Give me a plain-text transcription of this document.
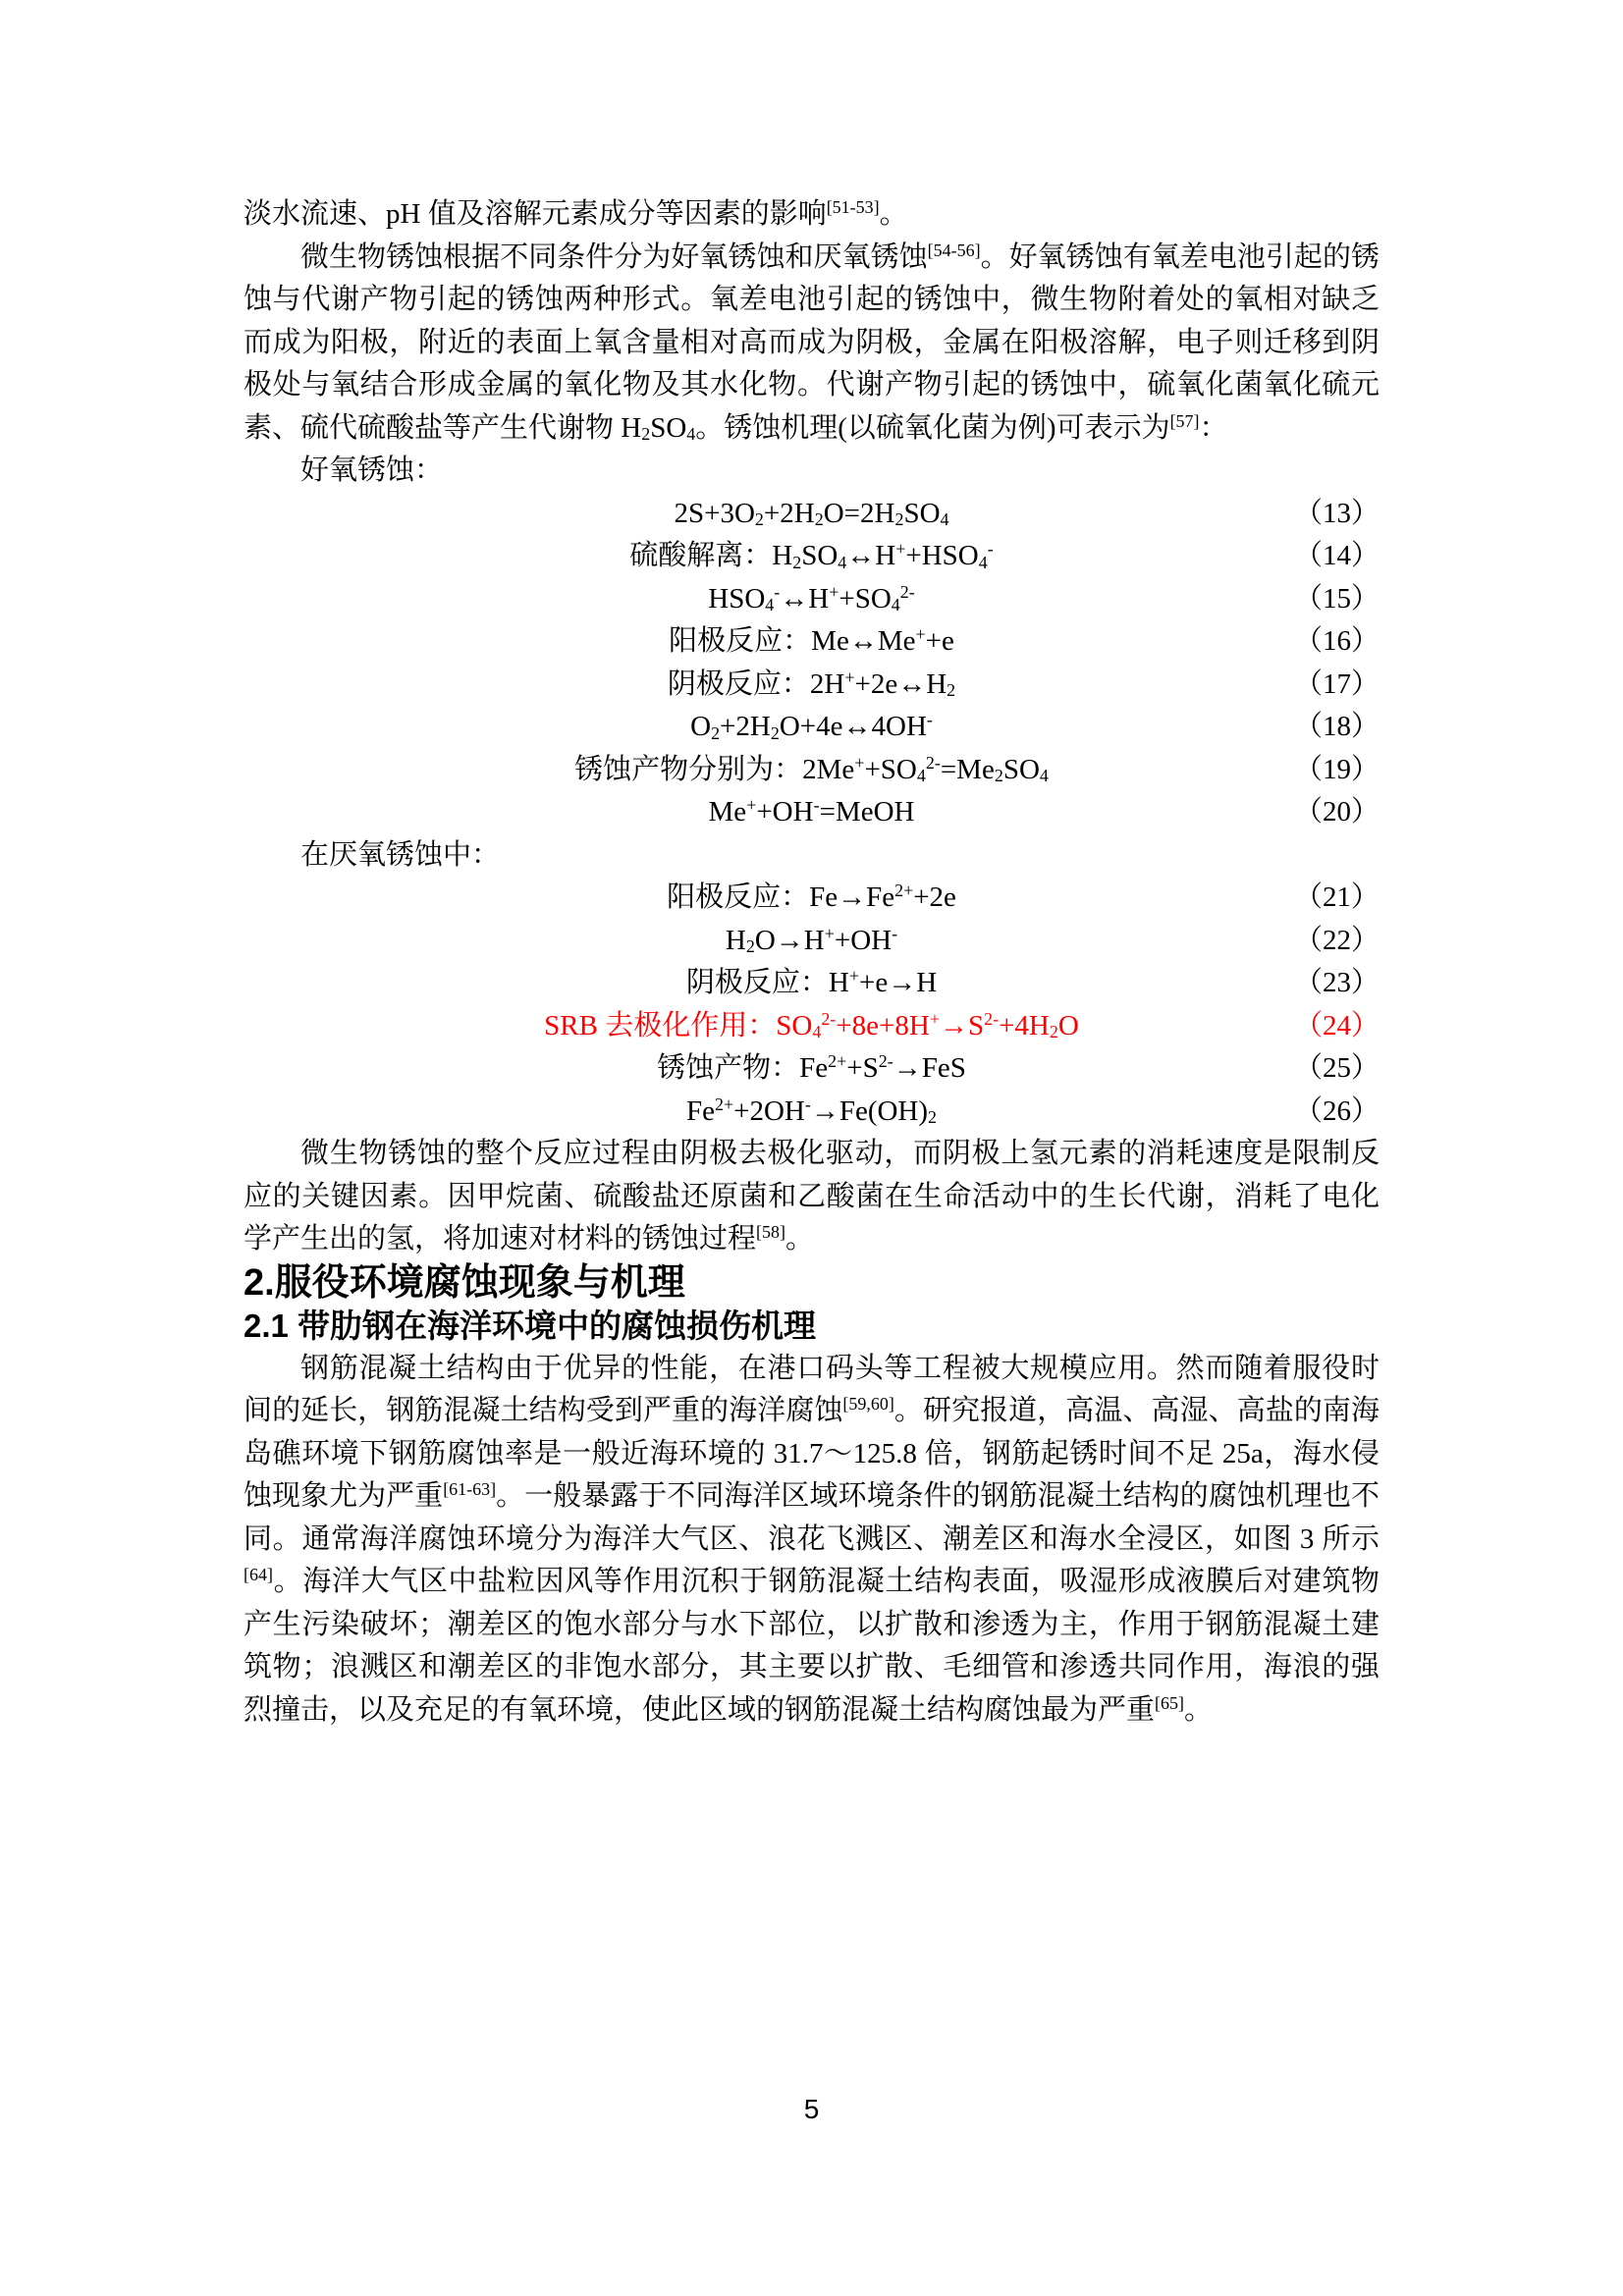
淡水流速、pH 值及溶解元素成分等因素的影响[51-53]。

微生物锈蚀根据不同条件分为好氧锈蚀和厌氧锈蚀[54-56]。好氧锈蚀有氧差电池引起的锈蚀与代谢产物引起的锈蚀两种形式。氧差电池引起的锈蚀中，微生物附着处的氧相对缺乏而成为阳极，附近的表面上氧含量相对高而成为阴极，金属在阳极溶解，电子则迁移到阴极处与氧结合形成金属的氧化物及其水化物。代谢产物引起的锈蚀中，硫氧化菌氧化硫元素、硫代硫酸盐等产生代谢物 $H_2SO_4$。锈蚀机理(以硫氧化菌为例)可表示为[57]：

好氧锈蚀：

$2S+3O_2+2H_2O=2H_2SO_4$	（13）
硫酸解离：$H_2SO_4\leftrightarrow H^++HSO_4^-$	（14）
$HSO_4^-\leftrightarrow H^++SO_4^{2-}$	（15）
阳极反应：Me↔Me++e	（16）
阴极反应：$2H^++2e\leftrightarrow H_2$	（17）
$O_2+2H_2O+4e\leftrightarrow 4OH^-$	（18）
锈蚀产物分别为：$2Me^++SO_4^{2-}=Me_2SO_4$	（19）
Me++OH-=MeOH	（20）

在厌氧锈蚀中：

阳极反应：$Fe\to Fe^{2+}+2e$	（21）
$H_2O\to H^++OH^-$	（22）
阴极反应：H++e→H	（23）
SRB 去极化作用：$SO_4^{2-}+8e+8H^+\to S^{2-}+4H_2O$	（24）
锈蚀产物：$Fe^{2+}+S^{2-}\to FeS$	（25）
$Fe^{2+}+2OH^-\to Fe(OH)_2$	（26）

微生物锈蚀的整个反应过程由阴极去极化驱动，而阴极上氢元素的消耗速度是限制反应的关键因素。因甲烷菌、硫酸盐还原菌和乙酸菌在生命活动中的生长代谢，消耗了电化学产生出的氢，将加速对材料的锈蚀过程[58]。

2.服役环境腐蚀现象与机理
2.1 带肋钢在海洋环境中的腐蚀损伤机理

钢筋混凝土结构由于优异的性能，在港口码头等工程被大规模应用。然而随着服役时间的延长，钢筋混凝土结构受到严重的海洋腐蚀[59,60]。研究报道，高温、高湿、高盐的南海岛礁环境下钢筋腐蚀率是一般近海环境的 31.7～125.8 倍，钢筋起锈时间不足 25a，海水侵蚀现象尤为严重[61-63]。一般暴露于不同海洋区域环境条件的钢筋混凝土结构的腐蚀机理也不同。通常海洋腐蚀环境分为海洋大气区、浪花飞溅区、潮差区和海水全浸区，如图 3 所示[64]。海洋大气区中盐粒因风等作用沉积于钢筋混凝土结构表面，吸湿形成液膜后对建筑物产生污染破坏；潮差区的饱水部分与水下部位，以扩散和渗透为主，作用于钢筋混凝土建筑物；浪溅区和潮差区的非饱水部分，其主要以扩散、毛细管和渗透共同作用，海浪的强烈撞击，以及充足的有氧环境，使此区域的钢筋混凝土结构腐蚀最为严重[65]。

5
